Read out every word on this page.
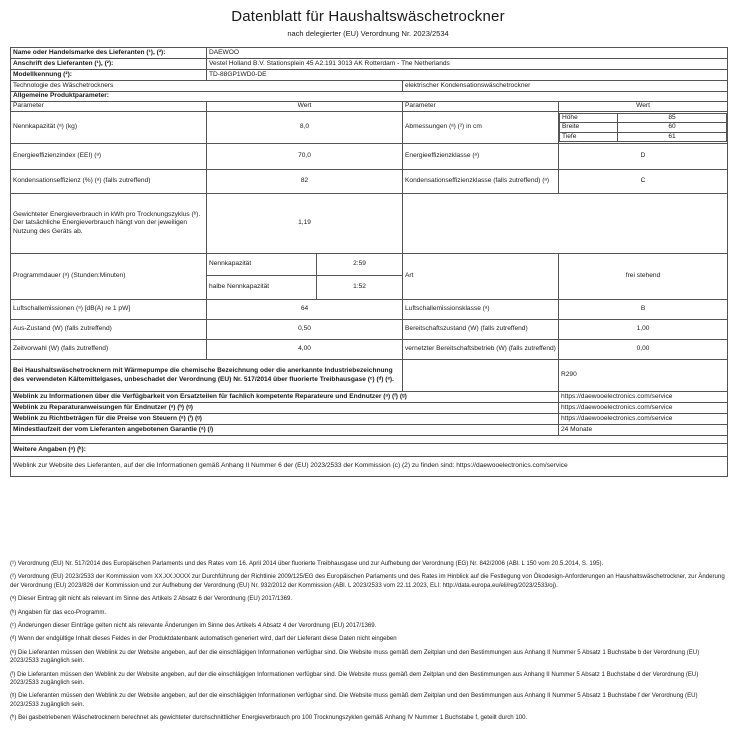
Datenblatt für Haushaltswäschetrockner
nach delegierter (EU) Verordnung Nr. 2023/2534
Name oder Handelsmarke des Lieferanten (¹), (²):	DAEWOO
Anschrift des Lieferanten (¹), (²):	Vestel Holland B.V. Stationsplein 45 A2.191 3013 AK Rotterdam - The Netherlands
Modellkennung (²):	TD-88GP1WD0-DE
Technologie des Wäschetrockners	elektrischer Kondensationswäschetrockner
Allgemeine Produktparameter:
Parameter	Wert	Parameter	Wert
Nennkapazität (ᵃ) (kg)	8,0	Abmessungen (ᵃ) (²) in cm	
Höhe	85
Breite	60
Tiefe	61

Energieeffizienzindex (EEI) (ᵃ)	70,0	Energieeffizienzklasse (ᵃ)	D
Kondensationseffizienz (%) (ᵃ) (falls zutreffend)	82	Kondensationseffizienzklasse (falls zutreffend) (ᵃ)	C
Gewichteter Energieverbrauch in kWh pro Trocknungszyklus (ᵇ). Der tatsächliche Energieverbrauch hängt von der jeweiligen Nutzung des Geräts ab.	1,19	
Programmdauer (ᵃ) (Stunden:Minuten)	Nennkapazität	2:59	Art	frei stehend
halbe Nennkapazität	1:52
Luftschallemissionen (ᵃ) [dB(A) re 1 pW]	64	Luftschallemissionsklasse (ᵃ)	B
Aus-Zustand (W) (falls zutreffend)	0,50	Bereitschaftszustand (W) (falls zutreffend)	1,00
Zeitvorwahl (W) (falls zutreffend)	4,00	vernetzter Bereitschaftsbetrieb (W) (falls zutreffend)	0,00
Bei Haushaltswäschetrocknern mit Wärmepumpe die chemische Bezeichnung oder die anerkannte Industriebezeichnung des verwendeten Kältemittelgases, unbeschadet der Verordnung (EU) Nr. 517/2014 über fluorierte Treibhausgase (ᶜ) (ᵈ) (ᵉ).		R290
Weblink zu Informationen über die Verfügbarkeit von Ersatzteilen für fachlich kompetente Reparateure und Endnutzer (ᵃ) (ᶠ) (ᵍ)	https://daewooelectronics.com/service
Weblink zu Reparaturanweisungen für Endnutzer (ᵃ) (ʰ) (ᵍ)	https://daewooelectronics.com/service
Weblink zu Richtbeträgen für die Preise von Steuern (ᵃ) (ⁱ) (ᵍ)	https://daewooelectronics.com/service
Mindestlaufzeit der vom Lieferanten angebotenen Garantie (ᵃ) (ʲ)	24 Monate

Weitere Angaben (ᵃ) (ᵏ):
Weblink zur Website des Lieferanten, auf der die Informationen gemäß Anhang II Nummer 6 der (EU) 2023/2533 der Kommission (c) (2) zu finden sind: https://daewooelectronics.com/service
(¹) Verordnung (EU) Nr. 517/2014 des Europäischen Parlaments und des Rates vom 16. April 2014 über fluorierte Treibhausgase und zur Aufhebung der Verordnung (EG) Nr. 842/2006 (ABl. L 150 vom 20.5.2014, S. 195).
(²) Verordnung (EU) 2023/2533 der Kommission vom XX.XX.XXXX zur Durchführung der Richtlinie 2009/125/EG des Europäischen Parlaments und des Rates im Hinblick auf die Festlegung von Ökodesign-Anforderungen an Haushaltswäschetrockner, zur Änderung der Verordnung (EU) 2023/826 der Kommission und zur Aufhebung der Verordnung (EU) Nr. 932/2012 der Kommission (ABl. L 2023/2533 vom 22.11.2023, ELI: http://data.europa.eu/eli/reg/2023/2533/oj).
(ᵃ) Dieser Eintrag gilt nicht als relevant im Sinne des Artikels 2 Absatz 6 der Verordnung (EU) 2017/1369.
(ᵇ) Angaben für das eco-Programm.
(ᶜ) Änderungen dieser Einträge gelten nicht als relevante Änderungen im Sinne des Artikels 4 Absatz 4 der Verordnung (EU) 2017/1369.
(ᵈ) Wenn der endgültige Inhalt dieses Feldes in der Produktdatenbank automatisch generiert wird, darf der Lieferant diese Daten nicht eingeben
(ᵉ) Die Lieferanten müssen den Weblink zu der Website angeben, auf der die einschlägigen Informationen verfügbar sind. Die Website muss gemäß dem Zeitplan und den Bestimmungen aus Anhang II Nummer 5 Absatz 1 Buchstabe b der Verordnung (EU) 2023/2533 zugänglich sein.
(ᶠ) Die Lieferanten müssen den Weblink zu der Website angeben, auf der die einschlägigen Informationen verfügbar sind. Die Website muss gemäß dem Zeitplan und den Bestimmungen aus Anhang II Nummer 5 Absatz 1 Buchstabe d der Verordnung (EU) 2023/2533 zugänglich sein.
(ᵍ) Die Lieferanten müssen den Weblink zu der Website angeben, auf der die einschlägigen Informationen verfügbar sind. Die Website muss gemäß dem Zeitplan und den Bestimmungen aus Anhang II Nummer 5 Absatz 1 Buchstabe f der Verordnung (EU) 2023/2533 zugänglich sein.
(ʰ) Bei gasbetriebenen Wäschetrocknern berechnet als gewichteter durchschnittlicher Energieverbrauch pro 100 Trocknungszyklen gemäß Anhang IV Nummer 1 Buchstabe f, geteilt durch 100.
